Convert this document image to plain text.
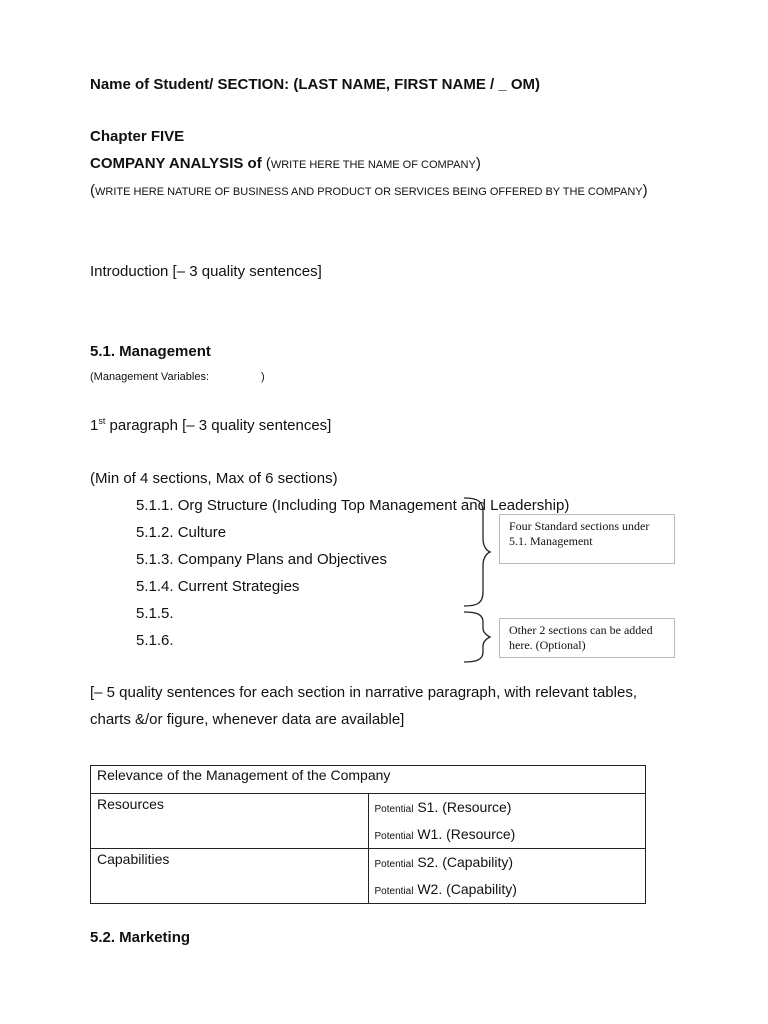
Name of Student/ SECTION: (LAST NAME, FIRST NAME / _ OM)
Chapter FIVE
COMPANY ANALYSIS of (WRITE HERE THE NAME OF COMPANY)
(WRITE HERE NATURE OF BUSINESS AND PRODUCT OR SERVICES BEING OFFERED BY THE COMPANY)
Introduction [– 3 quality sentences]
5.1. Management
(Management Variables:	)
1st paragraph [– 3 quality sentences]
(Min of 4 sections, Max of 6 sections)
5.1.1. Org Structure (Including Top Management and Leadership)
5.1.2. Culture
5.1.3. Company Plans and Objectives
5.1.4. Current Strategies
5.1.5.
5.1.6.
Four Standard sections under 5.1. Management
Other 2 sections can be added here. (Optional)
[– 5 quality sentences for each section in narrative paragraph, with relevant tables,
charts &/or figure, whenever data are available]
Relevance of the Management of the Company	
Resources	Potential S1. (Resource)
Potential W1. (Resource)

Capabilities	Potential S2. (Capability)
Potential W2. (Capability)
5.2. Marketing
